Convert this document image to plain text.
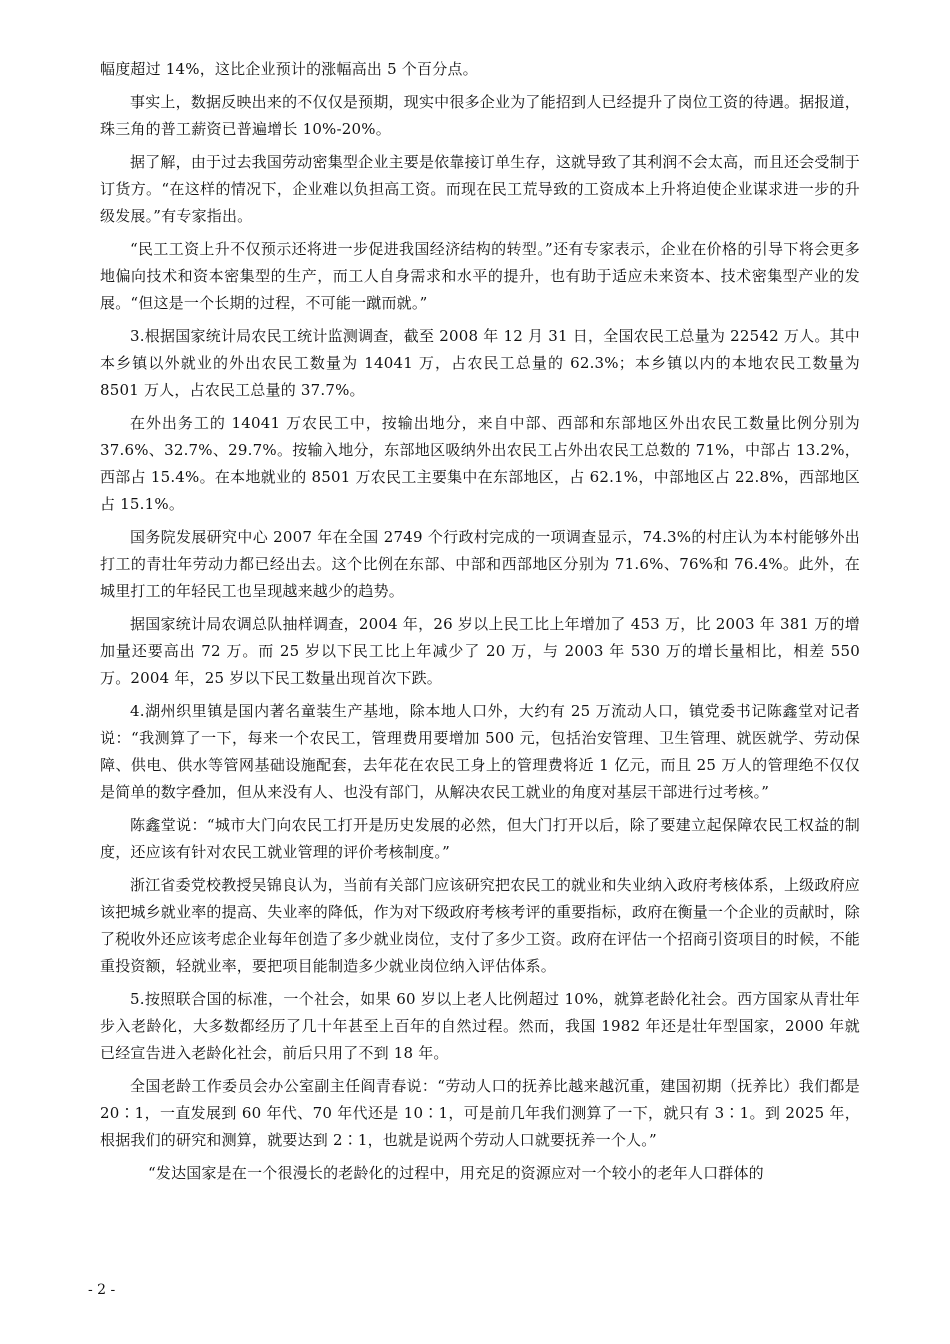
幅度超过 14%，这比企业预计的涨幅高出 5 个百分点。

事实上，数据反映出来的不仅仅是预期，现实中很多企业为了能招到人已经提升了岗位工资的待遇。据报道，珠三角的普工薪资已普遍增长 10%-20%。

据了解，由于过去我国劳动密集型企业主要是依靠接订单生存，这就导致了其利润不会太高，而且还会受制于订货方。“在这样的情况下，企业难以负担高工资。而现在民工荒导致的工资成本上升将迫使企业谋求进一步的升级发展。”有专家指出。

“民工工资上升不仅预示还将进一步促进我国经济结构的转型。”还有专家表示，企业在价格的引导下将会更多地偏向技术和资本密集型的生产，而工人自身需求和水平的提升，也有助于适应未来资本、技术密集型产业的发展。“但这是一个长期的过程，不可能一蹴而就。”

3.根据国家统计局农民工统计监测调查，截至 2008 年 12 月 31 日，全国农民工总量为 22542 万人。其中本乡镇以外就业的外出农民工数量为 14041 万，占农民工总量的 62.3%；本乡镇以内的本地农民工数量为 8501 万人，占农民工总量的 37.7%。

在外出务工的 14041 万农民工中，按输出地分，来自中部、西部和东部地区外出农民工数量比例分别为 37.6%、32.7%、29.7%。按输入地分，东部地区吸纳外出农民工占外出农民工总数的 71%，中部占 13.2%，西部占 15.4%。在本地就业的 8501 万农民工主要集中在东部地区，占 62.1%，中部地区占 22.8%，西部地区占 15.1%。

国务院发展研究中心 2007 年在全国 2749 个行政村完成的一项调查显示，74.3%的村庄认为本村能够外出打工的青壮年劳动力都已经出去。这个比例在东部、中部和西部地区分别为 71.6%、76%和 76.4%。此外，在城里打工的年轻民工也呈现越来越少的趋势。

据国家统计局农调总队抽样调查，2004 年，26 岁以上民工比上年增加了 453 万，比 2003 年 381 万的增加量还要高出 72 万。而 25 岁以下民工比上年减少了 20 万，与 2003 年 530 万的增长量相比，相差 550 万。2004 年，25 岁以下民工数量出现首次下跌。

4.湖州织里镇是国内著名童装生产基地，除本地人口外，大约有 25 万流动人口，镇党委书记陈鑫堂对记者说：“我测算了一下，每来一个农民工，管理费用要增加 500 元，包括治安管理、卫生管理、就医就学、劳动保障、供电、供水等管网基础设施配套，去年花在农民工身上的管理费将近 1 亿元，而且 25 万人的管理绝不仅仅是简单的数字叠加，但从来没有人、也没有部门，从解决农民工就业的角度对基层干部进行过考核。”

陈鑫堂说：“城市大门向农民工打开是历史发展的必然，但大门打开以后，除了要建立起保障农民工权益的制度，还应该有针对农民工就业管理的评价考核制度。”

浙江省委党校教授吴锦良认为，当前有关部门应该研究把农民工的就业和失业纳入政府考核体系，上级政府应该把城乡就业率的提高、失业率的降低，作为对下级政府考核考评的重要指标，政府在衡量一个企业的贡献时，除了税收外还应该考虑企业每年创造了多少就业岗位，支付了多少工资。政府在评估一个招商引资项目的时候，不能重投资额，轻就业率，要把项目能制造多少就业岗位纳入评估体系。

5.按照联合国的标准，一个社会，如果 60 岁以上老人比例超过 10%，就算老龄化社会。西方国家从青壮年步入老龄化，大多数都经历了几十年甚至上百年的自然过程。然而，我国 1982 年还是壮年型国家，2000 年就已经宣告进入老龄化社会，前后只用了不到 18 年。

全国老龄工作委员会办公室副主任阎青春说：“劳动人口的抚养比越来越沉重，建国初期（抚养比）我们都是 20∶1，一直发展到 60 年代、70 年代还是 10∶1，可是前几年我们测算了一下，就只有 3∶1。到 2025 年，根据我们的研究和测算，就要达到 2∶1，也就是说两个劳动人口就要抚养一个人。”

“发达国家是在一个很漫长的老龄化的过程中，用充足的资源应对一个较小的老年人口群体的

- 2 -
